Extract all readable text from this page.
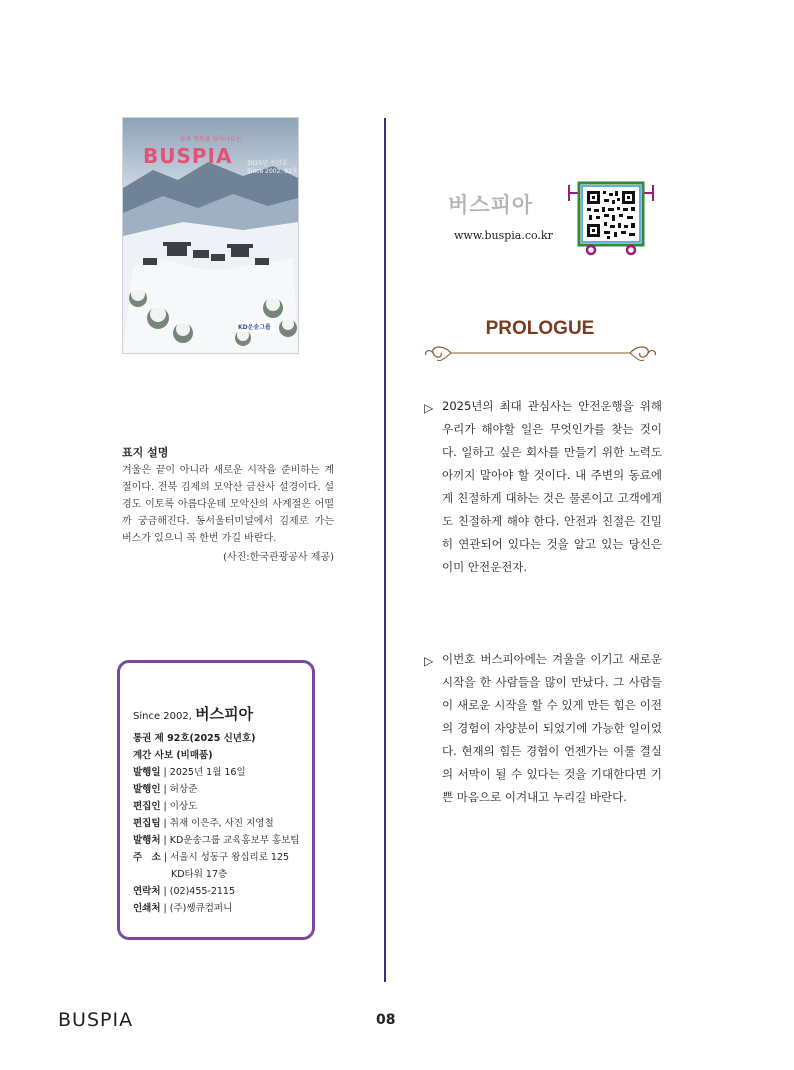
꿈과 행복을 실어나르는
BUSPIA 2025년 신년호
Since 2002. 92호
KD운송그룹
표지 설명
겨울은 끝이 아니라 새로운 시작을 준비하는 계절이다. 전북 김제의 모악산 금산사 설경이다. 설경도 이토록 아름다운데 모악산의 사계절은 어떨까 궁금해진다. 동서울터미널에서 김제로 가는 버스가 있으니 꼭 한번 가길 바란다.
(사진:한국관광공사 제공)
Since 2002, 버스피아
통권 제 92호(2025 신년호)
계간 사보 (비매품)
발행일 | 2025년 1월 16일
발행인 | 허상준
편집인 | 이상도
편집팀 | 취재 이은주, 사진 지영철
발행처 | KD운송그룹 교육홍보부 홍보팀
주　소 | 서울시 성동구 왕십리로 125
KD타워 17층
연락처 | (02)455-2115
인쇄처 | (주)쌩큐컴퍼니
버스피아
www.buspia.co.kr
PROLOGUE
▷ 2025년의 최대 관심사는 안전운행을 위해 우리가 해야할 일은 무엇인가를 찾는 것이다. 일하고 싶은 회사를 만들기 위한 노력도 아끼지 말아야 할 것이다. 내 주변의 동료에게 친절하게 대하는 것은 물론이고 고객에게도 친절하게 해야 한다. 안전과 친절은 긴밀히 연관되어 있다는 것을 알고 있는 당신은 이미 안전운전자.
▷ 이번호 버스피아에는 겨울을 이기고 새로운 시작을 한 사람들을 많이 만났다. 그 사람들이 새로운 시작을 할 수 있게 만든 힘은 이전의 경험이 자양분이 되었기에 가능한 일이었다. 현재의 힘든 경험이 언젠가는 이룰 결실의 서막이 될 수 있다는 것을 기대한다면 기쁜 마음으로 이겨내고 누리길 바란다.
BUSPIA	08
